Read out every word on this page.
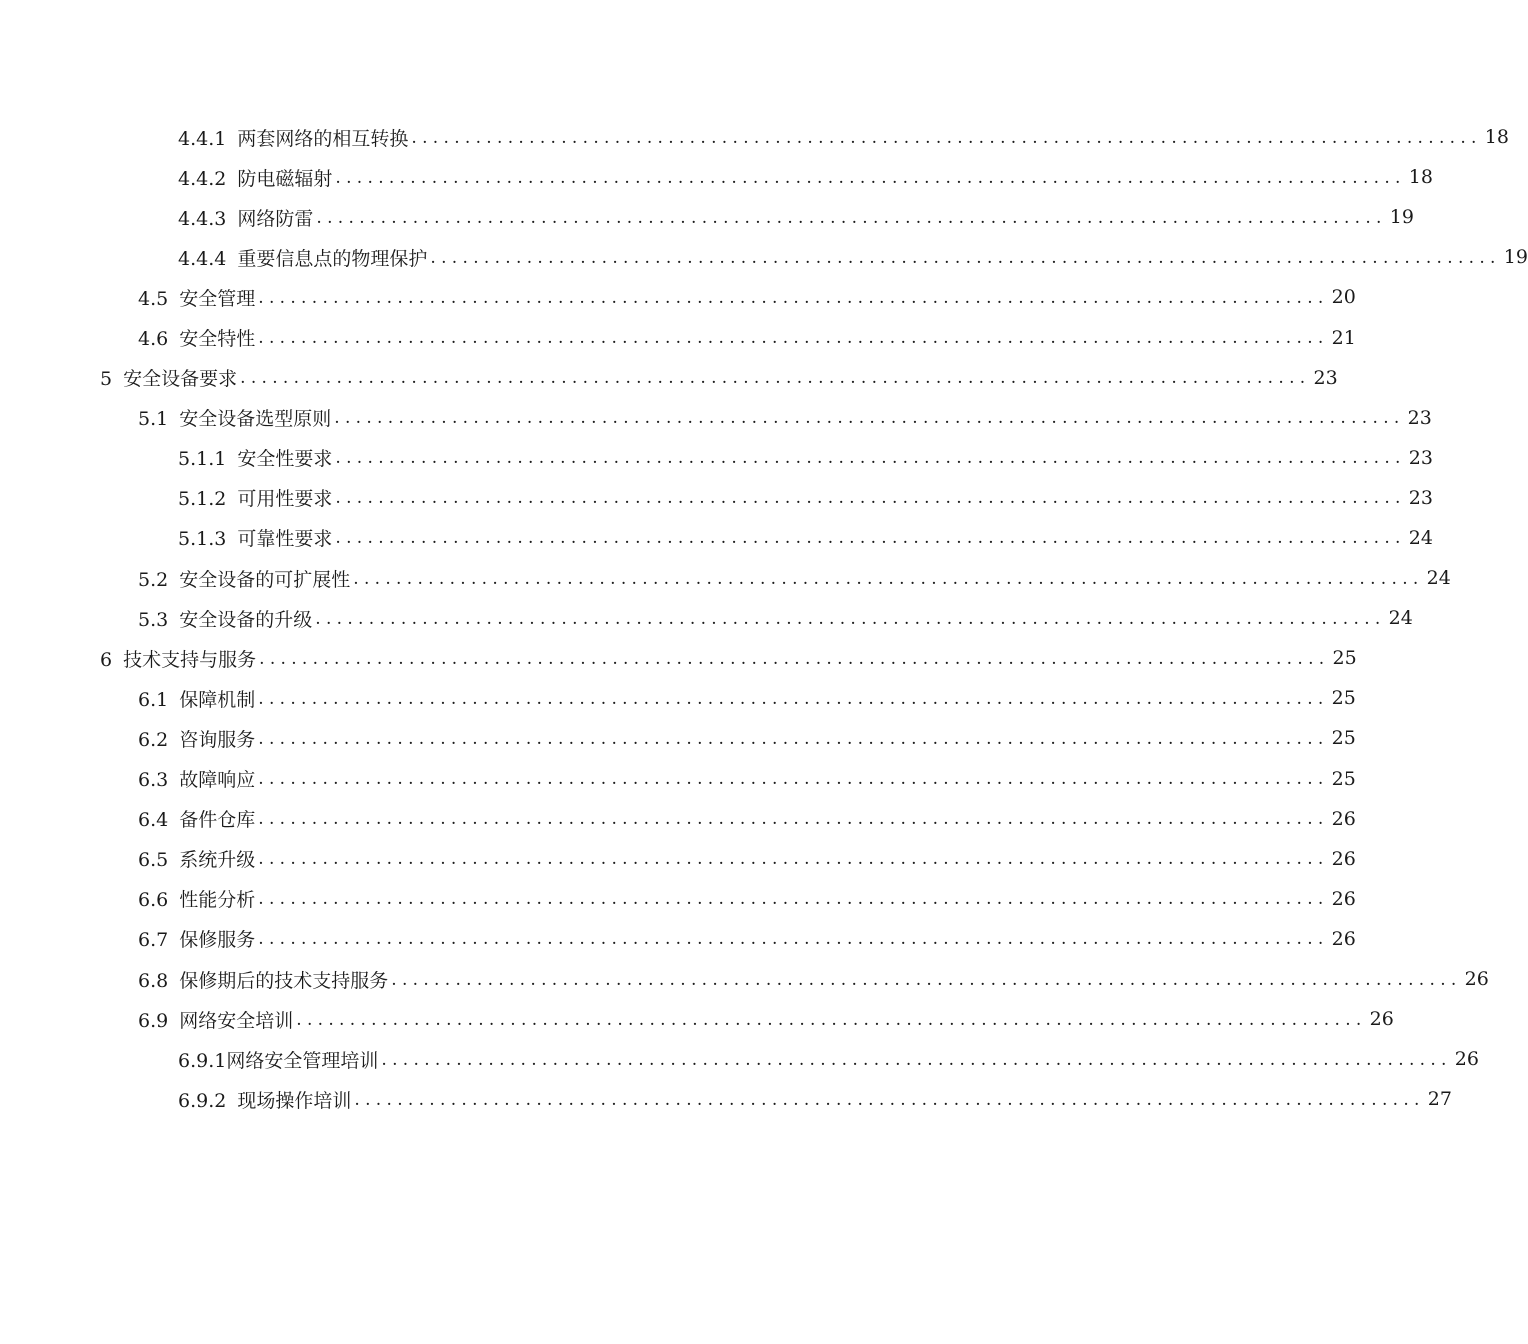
4.4.1 两套网络的相互转换 .................................................................................................... 18
4.4.2 防电磁辐射 .................................................................................................... 18
4.4.3 网络防雷 .................................................................................................... 19
4.4.4 重要信息点的物理保护 .................................................................................................... 19
4.5 安全管理 .................................................................................................... 20
4.6 安全特性 .................................................................................................... 21
5 安全设备要求 .................................................................................................... 23
5.1 安全设备选型原则 .................................................................................................... 23
5.1.1 安全性要求 .................................................................................................... 23
5.1.2 可用性要求 .................................................................................................... 23
5.1.3 可靠性要求 .................................................................................................... 24
5.2 安全设备的可扩展性 .................................................................................................... 24
5.3 安全设备的升级 .................................................................................................... 24
6 技术支持与服务 .................................................................................................... 25
6.1 保障机制 .................................................................................................... 25
6.2 咨询服务 .................................................................................................... 25
6.3 故障响应 .................................................................................................... 25
6.4 备件仓库 .................................................................................................... 26
6.5 系统升级 .................................................................................................... 26
6.6 性能分析 .................................................................................................... 26
6.7 保修服务 .................................................................................................... 26
6.8 保修期后的技术支持服务 .................................................................................................... 26
6.9 网络安全培训 .................................................................................................... 26
6.9.1网络安全管理培训 .................................................................................................... 26
6.9.2 现场操作培训 .................................................................................................... 27
